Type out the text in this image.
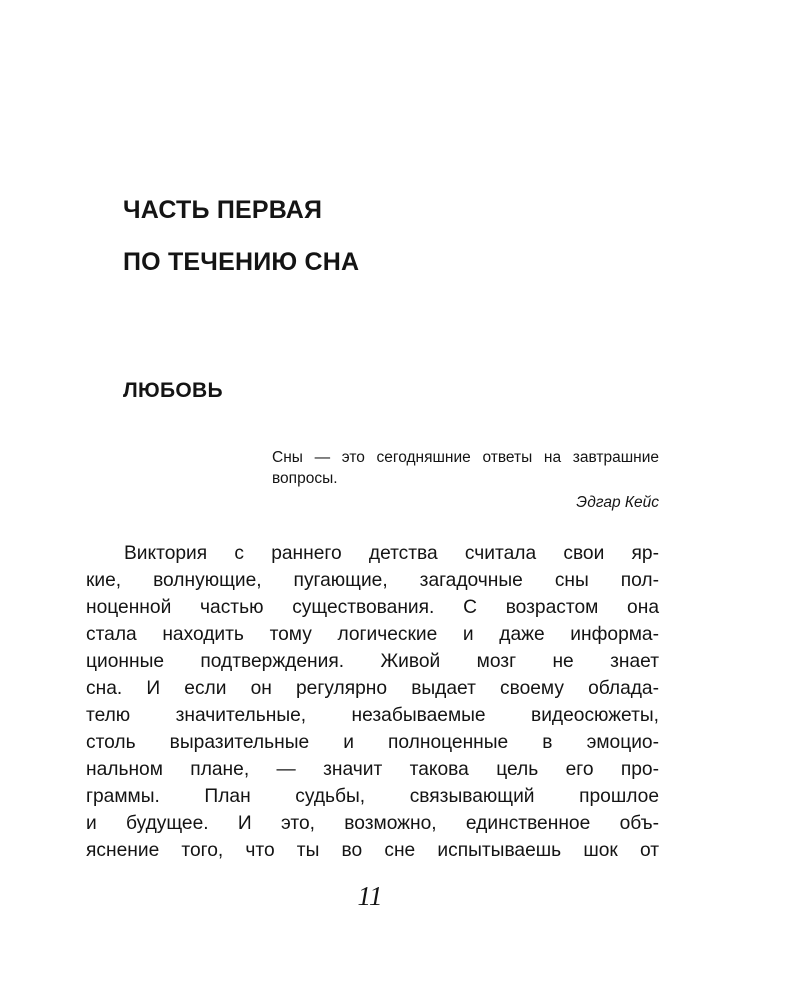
ЧАСТЬ ПЕРВАЯ
ПО ТЕЧЕНИЮ СНА
ЛЮБОВЬ

Сны — это сегодняшние ответы на завтрашние вопросы.

Эдгар Кейс

Виктория с раннего детства считала свои яр-
кие, волнующие, пугающие, загадочные сны пол-
ноценной частью существования. С возрастом она
стала находить тому логические и даже информа-
ционные подтверждения. Живой мозг не знает
сна. И если он регулярно выдает своему облада-
телю значительные, незабываемые видеосюжеты,
столь выразительные и полноценные в эмоцио-
нальном плане, — значит такова цель его про-
граммы. План судьбы, связывающий прошлое
и будущее. И это, возможно, единственное объ-
яснение того, что ты во сне испытываешь шок от
11
